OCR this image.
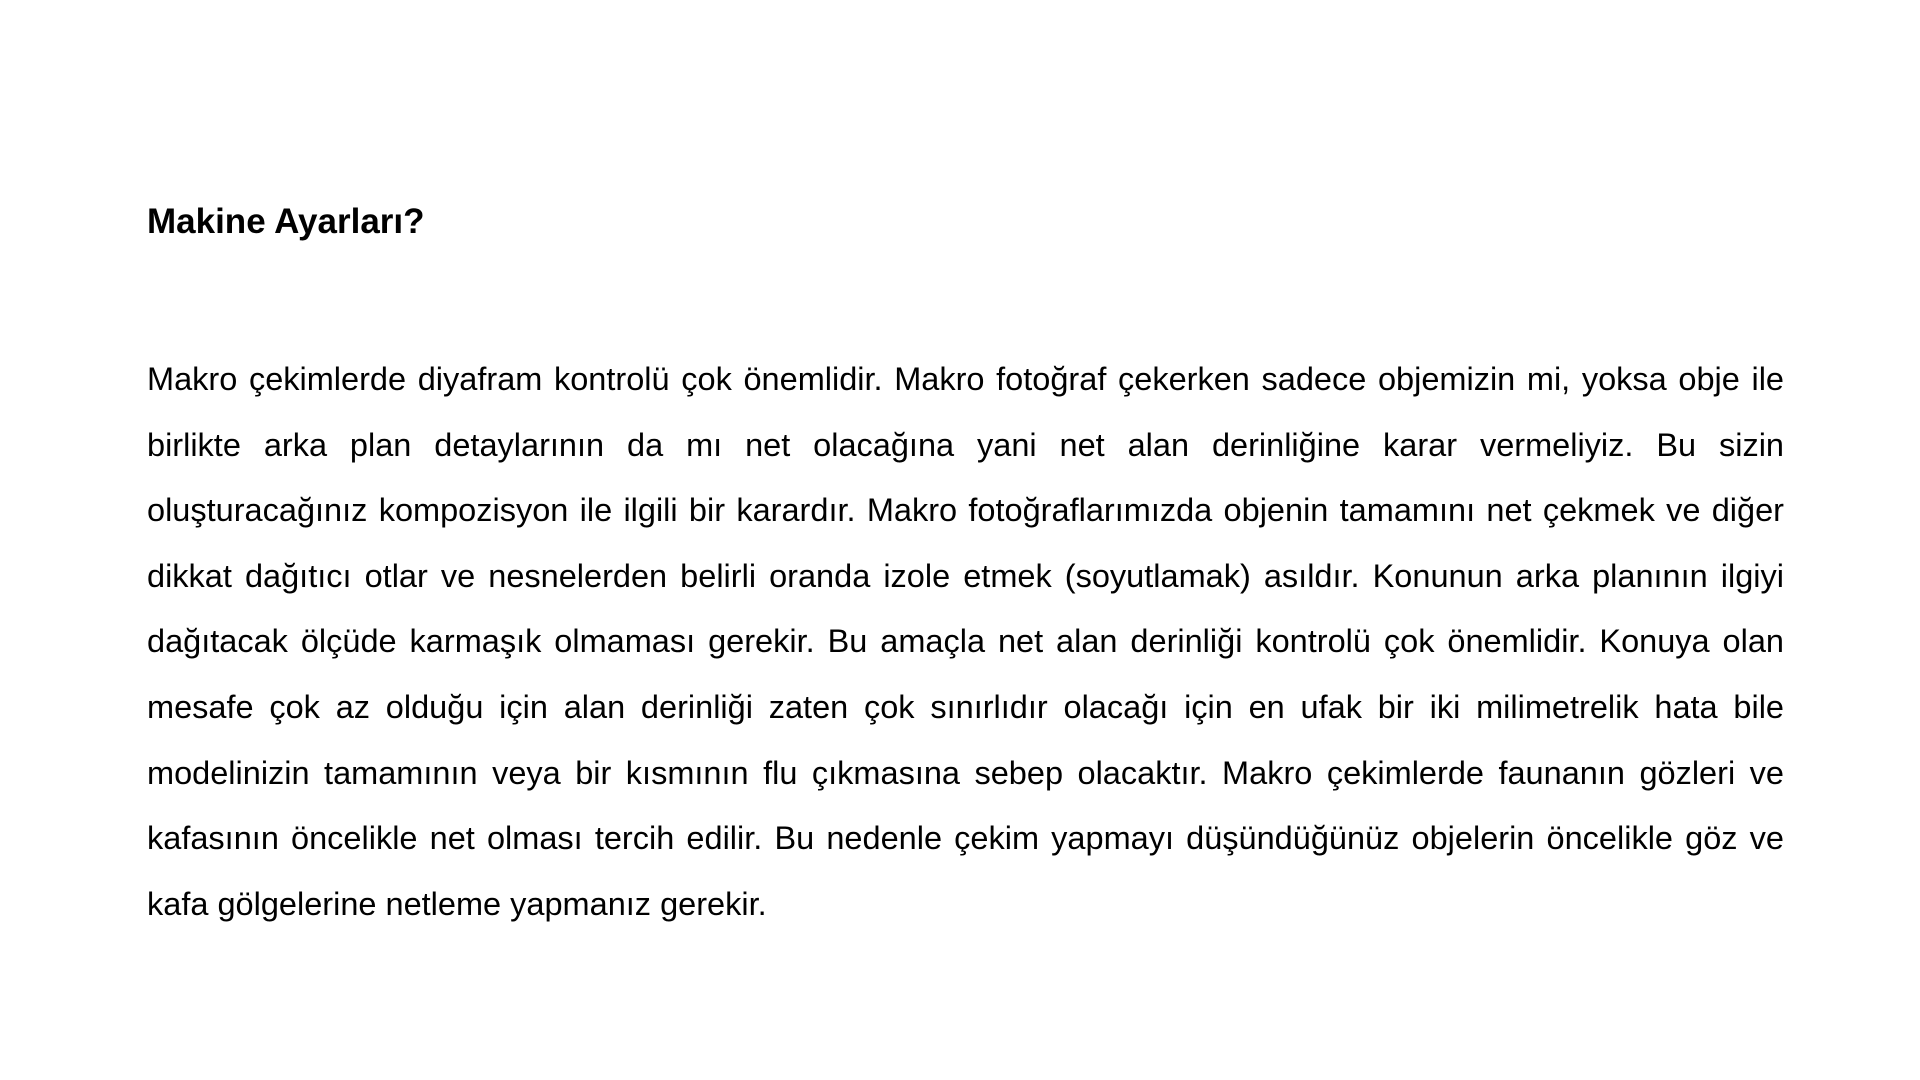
Makine Ayarları?

Makro çekimlerde diyafram kontrolü çok önemlidir. Makro fotoğraf çekerken sadece objemizin mi, yoksa obje ile birlikte arka plan detaylarının da mı net olacağına yani net alan derinliğine karar vermeliyiz. Bu sizin oluşturacağınız kompozisyon ile ilgili bir karardır. Makro fotoğraflarımızda objenin tamamını net çekmek ve diğer dikkat dağıtıcı otlar ve nesnelerden belirli oranda izole etmek (soyutlamak) asıldır. Konunun arka planının ilgiyi dağıtacak ölçüde karmaşık olmaması gerekir. Bu amaçla net alan derinliği kontrolü çok önemlidir. Konuya olan mesafe çok az olduğu için alan derinliği zaten çok sınırlıdır olacağı için en ufak bir iki milimetrelik hata bile modelinizin tamamının veya bir kısmının flu çıkmasına sebep olacaktır. Makro çekimlerde faunanın gözleri ve kafasının öncelikle net olması tercih edilir. Bu nedenle çekim yapmayı düşündüğünüz objelerin öncelikle göz ve kafa gölgelerine netleme yapmanız gerekir.
